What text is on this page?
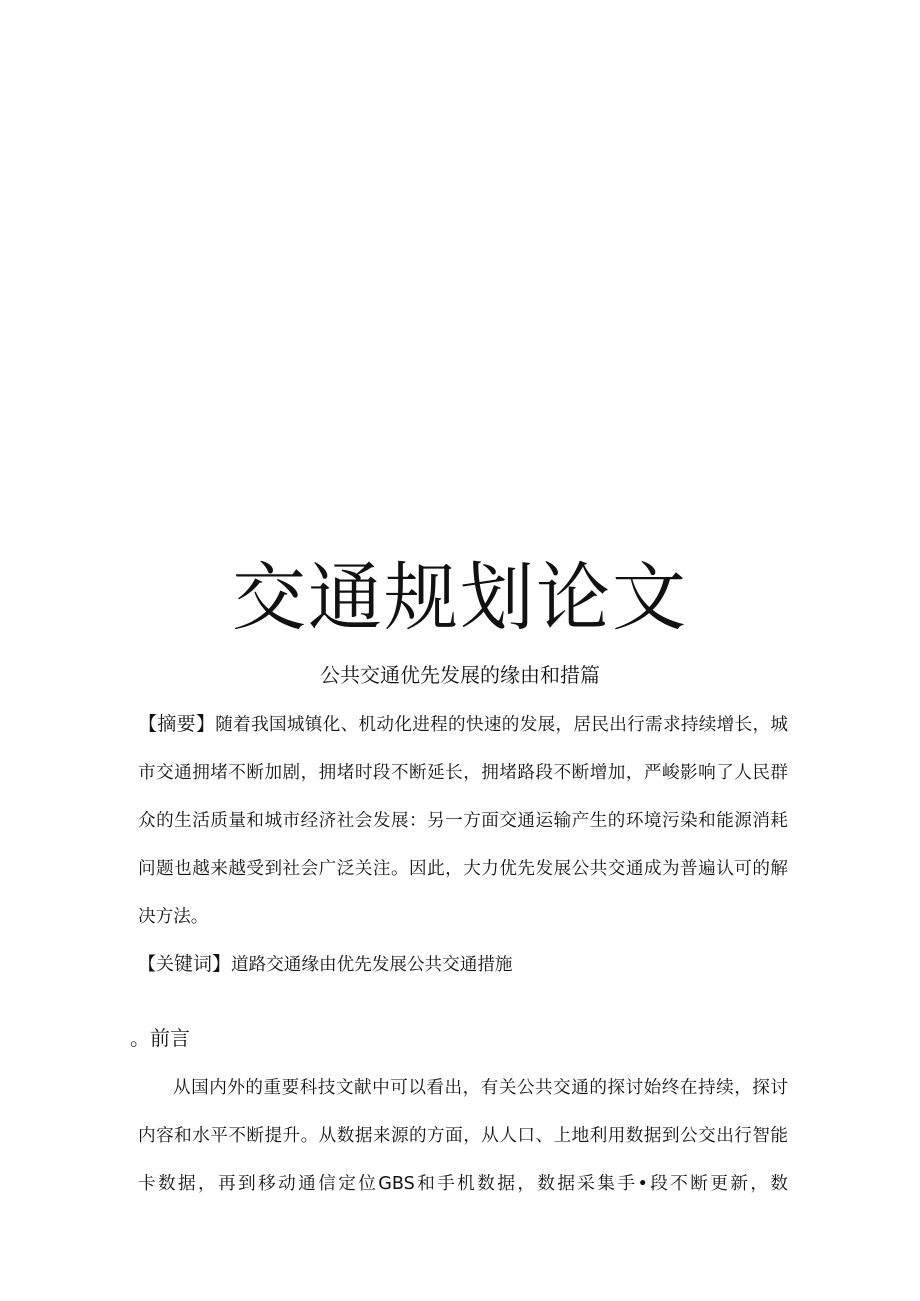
交通规划论文
公共交通优先发展的缘由和措篇
【摘要】随着我国城镇化、机动化进程的快速的发展，居民出行需求持续增长，城市交通拥堵不断加剧，拥堵时段不断延长，拥堵路段不断增加，严峻影响了人民群众的生活质量和城市经济社会发展：另一方面交通运输产生的环境污染和能源消耗问题也越来越受到社会广泛关注。因此，大力优先发展公共交通成为普遍认可的解决方法。
【关键词】道路交通缘由优先发展公共交通措施
。前言
从国内外的重要科技文献中可以看出，有关公共交通的探讨始终在持续，探讨内容和水平不断提升。从数据来源的方面，从人口、上地利用数据到公交出行智能卡数据，再到移动通信定位GBS和手机数据，数据采集手•段不断更新，数
